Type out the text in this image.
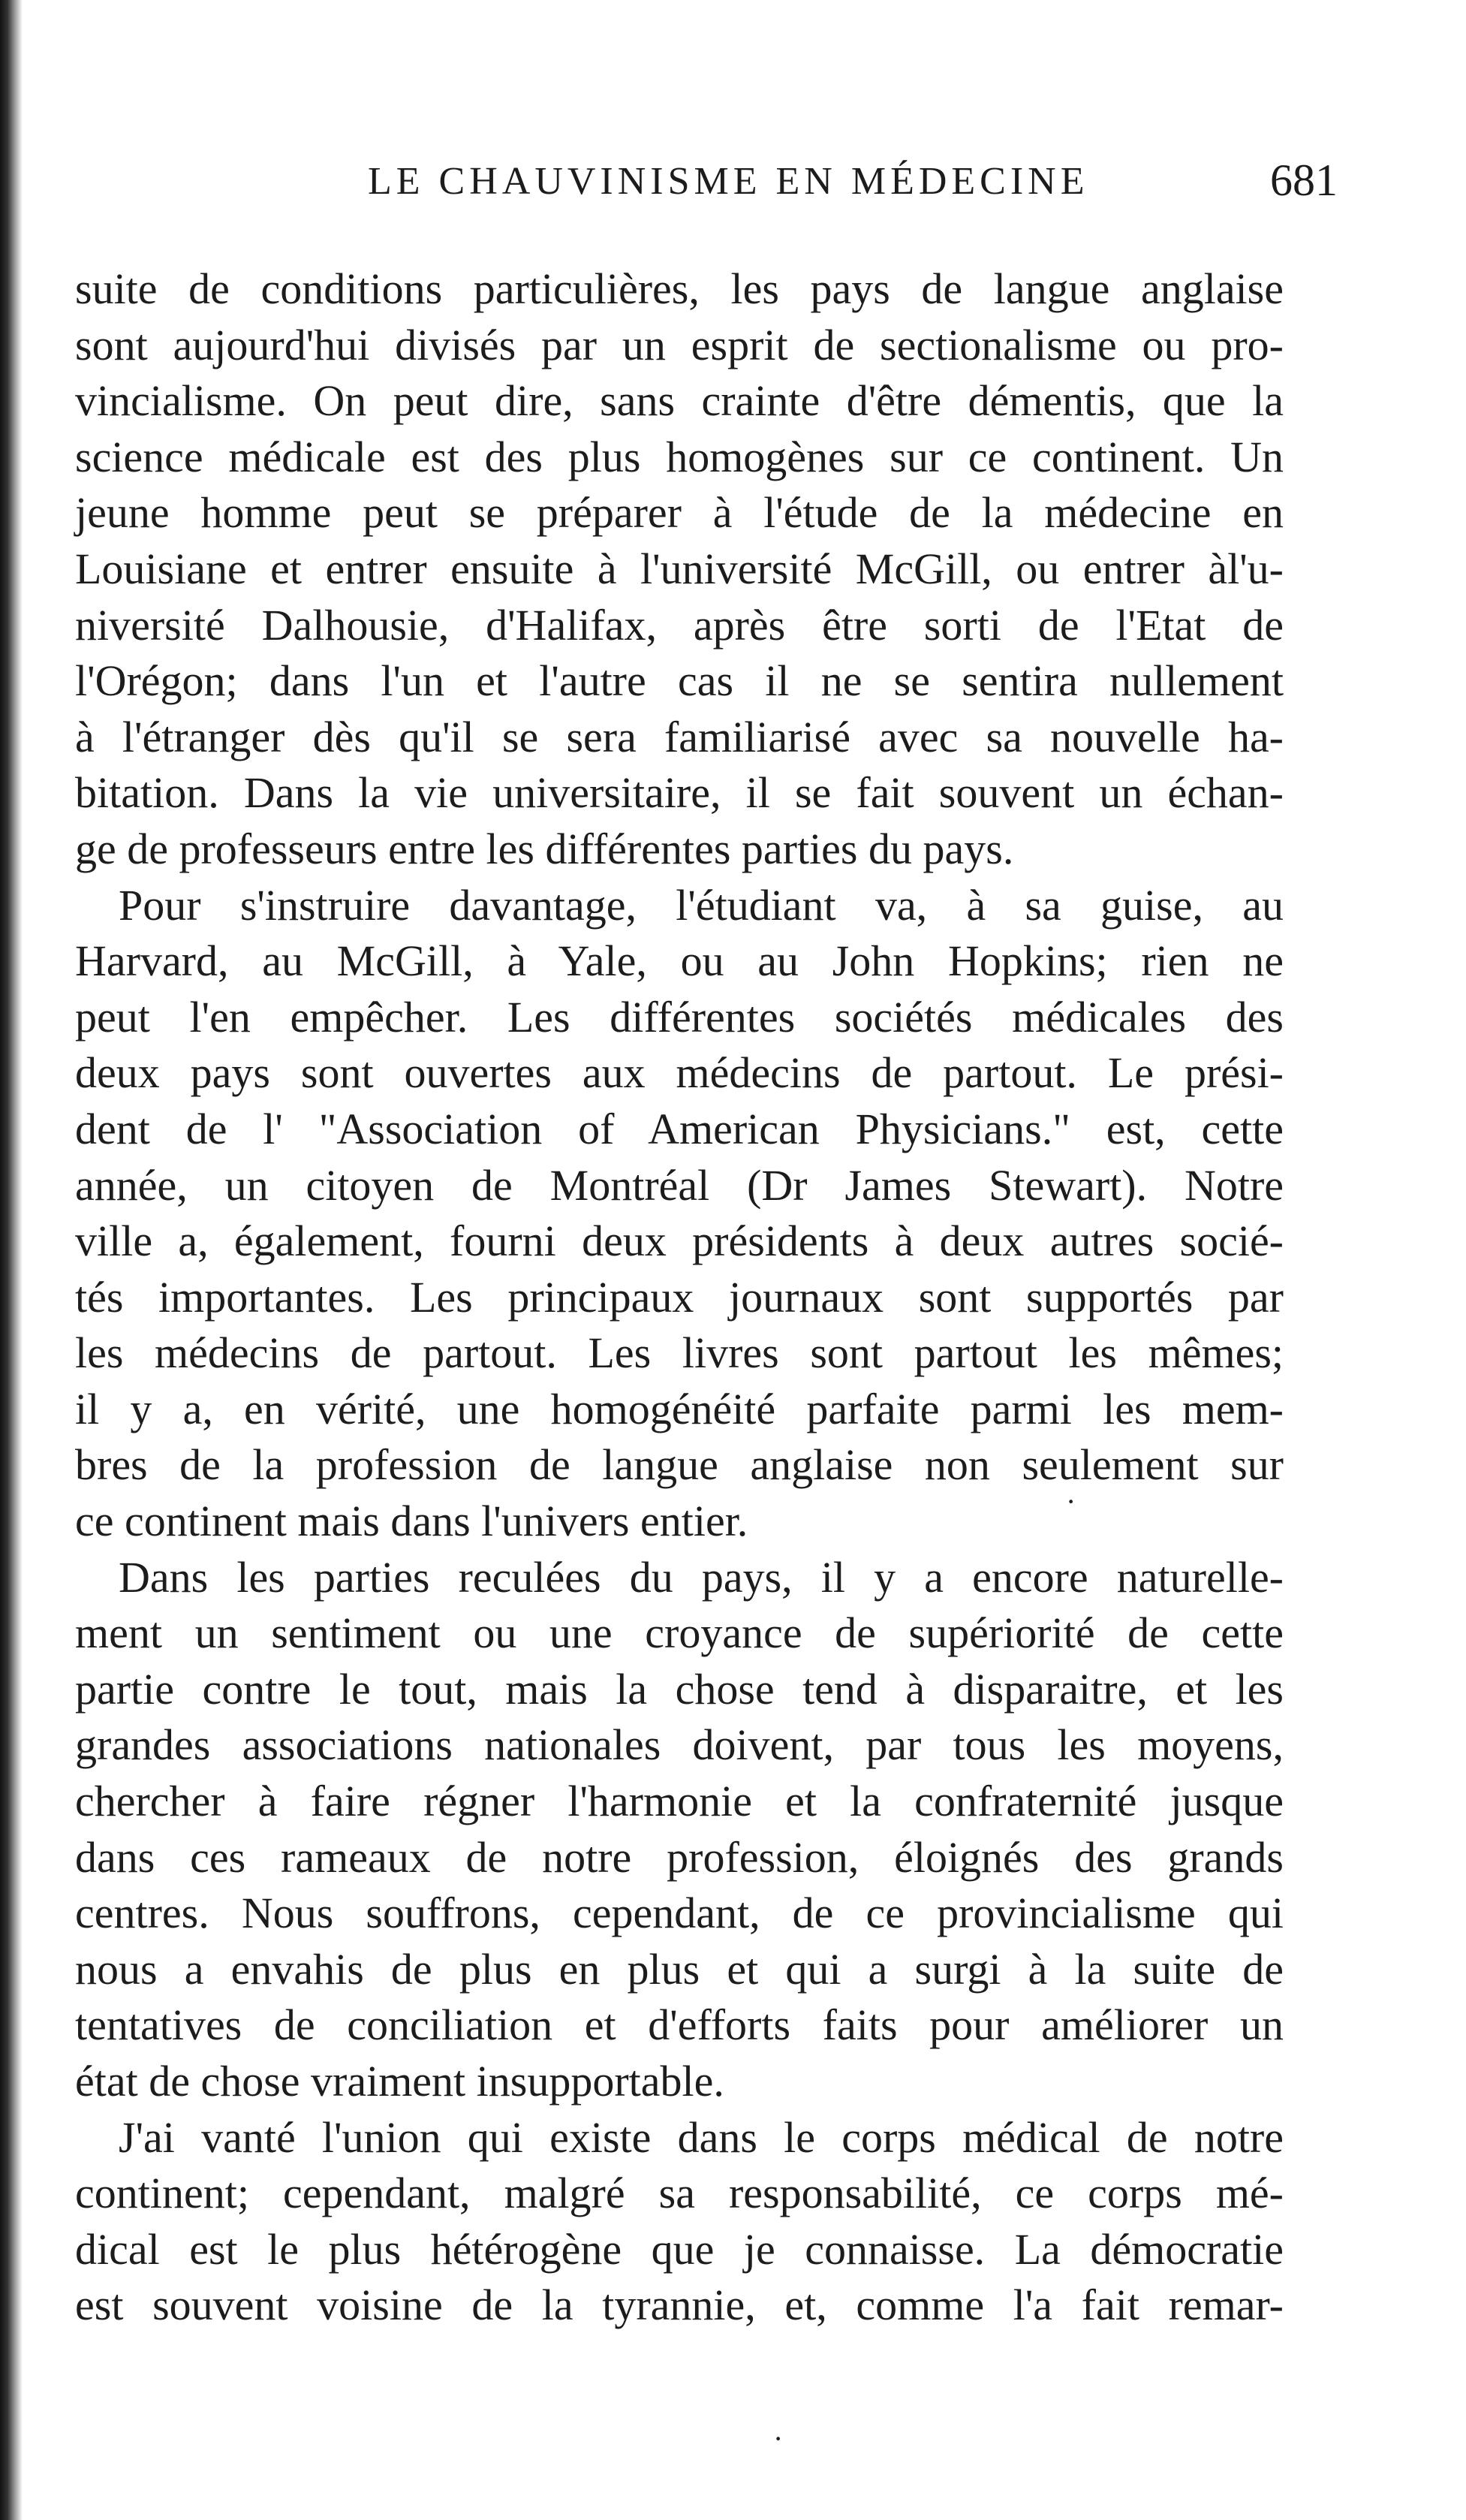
LE CHAUVINISME EN MÉDECINE	681
suite de conditions particulières, les pays de langue anglaise
sont aujourd'hui divisés par un esprit de sectionalisme ou pro-
vincialisme. On peut dire, sans crainte d'être démentis, que la
science médicale est des plus homogènes sur ce continent. Un
jeune homme peut se préparer à l'étude de la médecine en
Louisiane et entrer ensuite à l'université McGill, ou entrer àl'u-
niversité Dalhousie, d'Halifax, après être sorti de l'Etat de
l'Orégon; dans l'un et l'autre cas il ne se sentira nullement
à l'étranger dès qu'il se sera familiarisé avec sa nouvelle ha-
bitation. Dans la vie universitaire, il se fait souvent un échan-
ge de professeurs entre les différentes parties du pays.
Pour s'instruire davantage, l'étudiant va, à sa guise, au
Harvard, au McGill, à Yale, ou au John Hopkins; rien ne
peut l'en empêcher. Les différentes sociétés médicales des
deux pays sont ouvertes aux médecins de partout. Le prési-
dent de l' "Association of American Physicians." est, cette
année, un citoyen de Montréal (Dr James Stewart). Notre
ville a, également, fourni deux présidents à deux autres socié-
tés importantes. Les principaux journaux sont supportés par
les médecins de partout. Les livres sont partout les mêmes;
il y a, en vérité, une homogénéité parfaite parmi les mem-
bres de la profession de langue anglaise non seulement sur
ce continent mais dans l'univers entier.
Dans les parties reculées du pays, il y a encore naturelle-
ment un sentiment ou une croyance de supériorité de cette
partie contre le tout, mais la chose tend à disparaitre, et les
grandes associations nationales doivent, par tous les moyens,
chercher à faire régner l'harmonie et la confraternité jusque
dans ces rameaux de notre profession, éloignés des grands
centres. Nous souffrons, cependant, de ce provincialisme qui
nous a envahis de plus en plus et qui a surgi à la suite de
tentatives de conciliation et d'efforts faits pour améliorer un
état de chose vraiment insupportable.
J'ai vanté l'union qui existe dans le corps médical de notre
continent; cependant, malgré sa responsabilité, ce corps mé-
dical est le plus hétérogène que je connaisse. La démocratie
est souvent voisine de la tyrannie, et, comme l'a fait remar-
·
·
